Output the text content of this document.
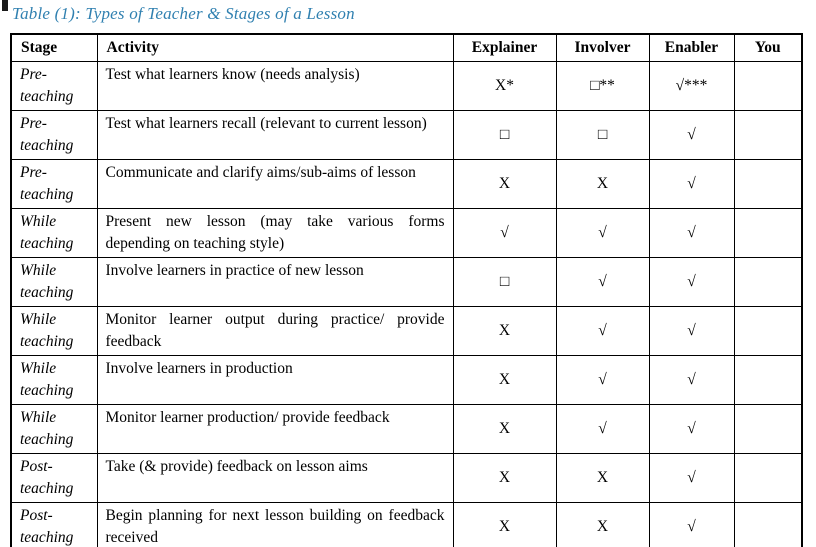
Table (1): Types of Teacher & Stages of a Lesson
Stage	Activity	Explainer	Involver	Enabler	You
Pre-teaching	Test what learners know (needs analysis)	X*	□**	√***	
Pre-teaching	Test what learners recall (relevant to current lesson)	□	□	√	
Pre-teaching	Communicate and clarify aims/sub-aims of lesson	X	X	√	
While teaching	Present new lesson (may take various forms depending on teaching style)	√	√	√	
While teaching	Involve learners in practice of new lesson	□	√	√	
While teaching	Monitor learner output during practice/ provide feedback	X	√	√	
While teaching	Involve learners in production	X	√	√	
While teaching	Monitor learner production/ provide feedback	X	√	√	
Post-teaching	Take (& provide) feedback on lesson aims	X	X	√	
Post-teaching	Begin planning for next lesson building on feedback received	X	X	√	
